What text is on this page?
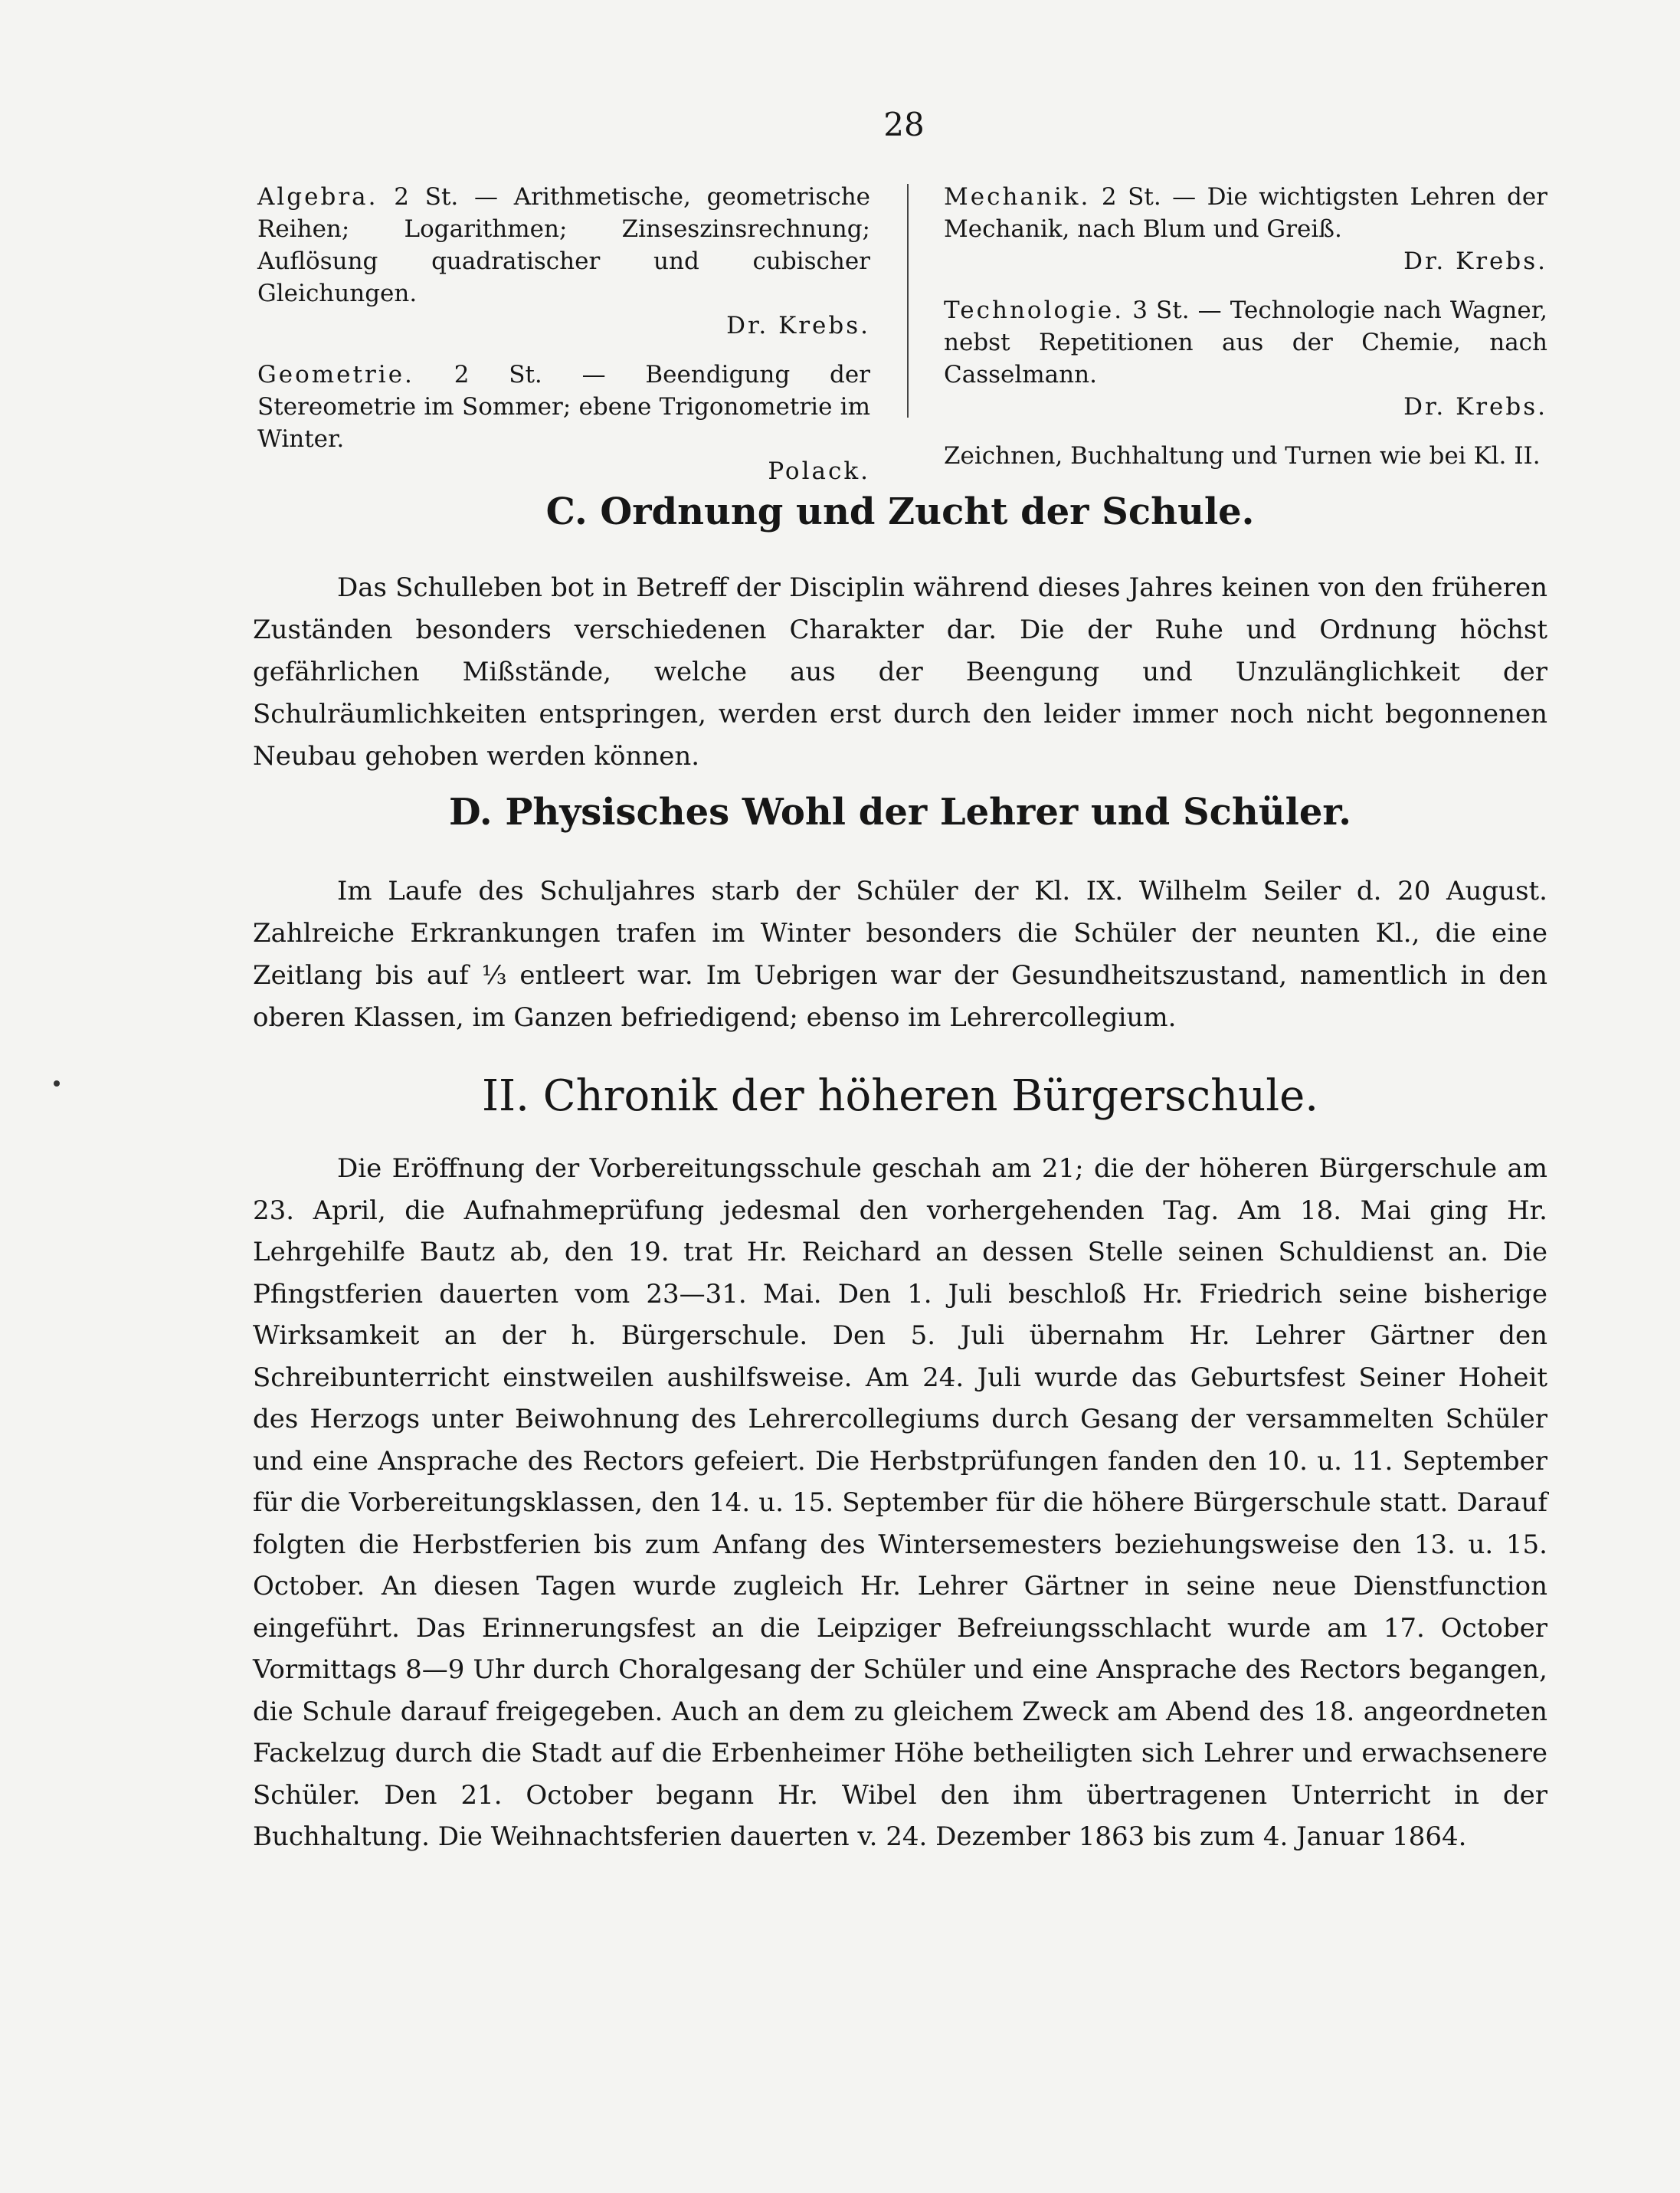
28
Algebra. 2 St. — Arithmetische, geometrische Reihen; Logarithmen; Zinseszinsrechnung; Auflösung quadratischer und cubischer Gleichungen.
Dr. Krebs.
Geometrie. 2 St. — Beendigung der Stereometrie im Sommer; ebene Trigonometrie im Winter.
Polack.
Mechanik. 2 St. — Die wichtigsten Lehren der Mechanik, nach Blum und Greiß.
Dr. Krebs.
Technologie. 3 St. — Technologie nach Wagner, nebst Repetitionen aus der Chemie, nach Casselmann.
Dr. Krebs.
Zeichnen, Buchhaltung und Turnen wie bei Kl. II.
C. Ordnung und Zucht der Schule.
Das Schulleben bot in Betreff der Disciplin während dieses Jahres keinen von den früheren Zuständen besonders verschiedenen Charakter dar. Die der Ruhe und Ordnung höchst gefährlichen Mißstände, welche aus der Beengung und Unzulänglichkeit der Schulräumlichkeiten entspringen, werden erst durch den leider immer noch nicht begonnenen Neubau gehoben werden können.
D. Physisches Wohl der Lehrer und Schüler.
Im Laufe des Schuljahres starb der Schüler der Kl. IX. Wilhelm Seiler d. 20 August. Zahlreiche Erkrankungen trafen im Winter besonders die Schüler der neunten Kl., die eine Zeitlang bis auf ⅓ entleert war. Im Uebrigen war der Gesundheitszustand, namentlich in den oberen Klassen, im Ganzen befriedigend; ebenso im Lehrercollegium.
II. Chronik der höheren Bürgerschule.
Die Eröffnung der Vorbereitungsschule geschah am 21; die der höheren Bürgerschule am 23. April, die Aufnahmeprüfung jedesmal den vorhergehenden Tag. Am 18. Mai ging Hr. Lehrgehilfe Bautz ab, den 19. trat Hr. Reichard an dessen Stelle seinen Schuldienst an. Die Pfingstferien dauerten vom 23—31. Mai. Den 1. Juli beschloß Hr. Friedrich seine bisherige Wirksamkeit an der h. Bürgerschule. Den 5. Juli übernahm Hr. Lehrer Gärtner den Schreibunterricht einstweilen aushilfsweise. Am 24. Juli wurde das Geburtsfest Seiner Hoheit des Herzogs unter Beiwohnung des Lehrercollegiums durch Gesang der versammelten Schüler und eine Ansprache des Rectors gefeiert. Die Herbstprüfungen fanden den 10. u. 11. September für die Vorbereitungsklassen, den 14. u. 15. September für die höhere Bürgerschule statt. Darauf folgten die Herbstferien bis zum Anfang des Wintersemesters beziehungsweise den 13. u. 15. October. An diesen Tagen wurde zugleich Hr. Lehrer Gärtner in seine neue Dienstfunction eingeführt. Das Erinnerungsfest an die Leipziger Befreiungsschlacht wurde am 17. October Vormittags 8—9 Uhr durch Choralgesang der Schüler und eine Ansprache des Rectors begangen, die Schule darauf freigegeben. Auch an dem zu gleichem Zweck am Abend des 18. angeordneten Fackelzug durch die Stadt auf die Erbenheimer Höhe betheiligten sich Lehrer und erwachsenere Schüler. Den 21. October begann Hr. Wibel den ihm übertragenen Unterricht in der Buchhaltung. Die Weihnachtsferien dauerten v. 24. Dezember 1863 bis zum 4. Januar 1864.
